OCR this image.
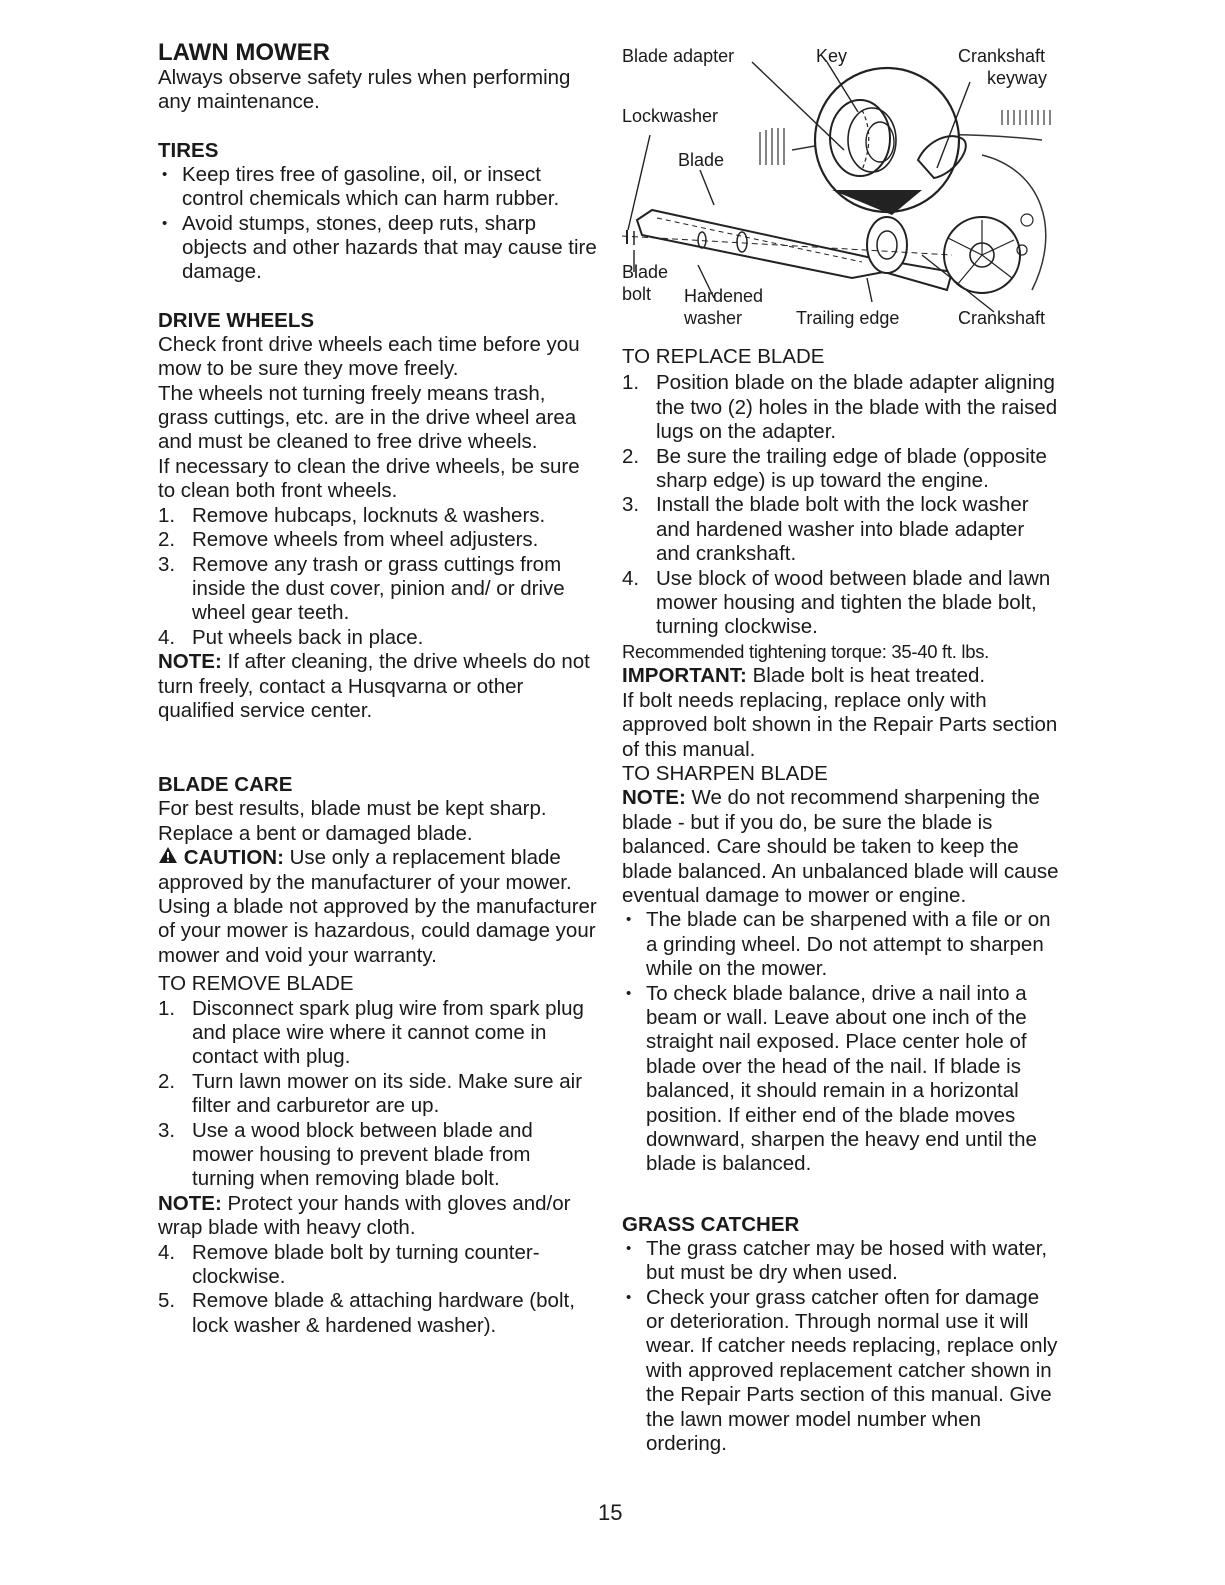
LAWN MOWER

Always observe safety rules when performing any maintenance.

TIRES
• Keep tires free of gasoline, oil, or insect control chemicals which can harm rubber.
• Avoid stumps, stones, deep ruts, sharp objects and other hazards that may cause tire damage.
DRIVE WHEELS

Check front drive wheels each time before you mow to be sure they move freely.

The wheels not turning freely means trash, grass cuttings, etc. are in the drive wheel area and must be cleaned to free drive wheels.

If necessary to clean the drive wheels, be sure to clean both front wheels.

1. Remove hubcaps, locknuts & washers.
2. Remove wheels from wheel adjusters.
3. Remove any trash or grass cuttings from inside the dust cover, pinion and/ or drive wheel gear teeth.
4. Put wheels back in place.

NOTE: If after cleaning, the drive wheels do not turn freely, contact a Husqvarna or other qualified service center.

BLADE CARE

For best results, blade must be kept sharp. Replace a bent or damaged blade.

CAUTION: Use only a replacement blade approved by the manufacturer of your mower. Using a blade not approved by the manufacturer of your mower is hazardous, could damage your mower and void your warranty.

TO REMOVE BLADE

1. Disconnect spark plug wire from spark plug and place wire where it cannot come in contact with plug.
2. Turn lawn mower on its side. Make sure air filter and carburetor are up.
3. Use a wood block between blade and mower housing to prevent blade from turning when removing blade bolt.

NOTE: Protect your hands with gloves and/or wrap blade with heavy cloth.

4. Remove blade bolt by turning counter-clockwise.
5. Remove blade & attaching hardware (bolt, lock washer & hardened washer).
Blade adapter	Key	Crankshaft
keyway
Lockwasher
Blade
Blade
bolt Hardened
washer	Trailing edge	Crankshaft

TO REPLACE BLADE

1. Position blade on the blade adapter aligning the two (2) holes in the blade with the raised lugs on the adapter.
2. Be sure the trailing edge of blade (opposite sharp edge) is up toward the engine.
3. Install the blade bolt with the lock washer and hardened washer into blade adapter and crankshaft.
4. Use block of wood between blade and lawn mower housing and tighten the blade bolt, turning clockwise.

Recommended tightening torque: 35-40 ft. lbs.

IMPORTANT: Blade bolt is heat treated.

If bolt needs replacing, replace only with approved bolt shown in the Repair Parts section of this manual.

TO SHARPEN BLADE

NOTE: We do not recommend sharpening the blade - but if you do, be sure the blade is balanced. Care should be taken to keep the blade balanced. An unbalanced blade will cause eventual damage to mower or engine.

• The blade can be sharpened with a file or on a grinding wheel. Do not attempt to sharpen while on the mower.
• To check blade balance, drive a nail into a beam or wall. Leave about one inch of the straight nail exposed. Place center hole of blade over the head of the nail. If blade is balanced, it should remain in a horizontal position. If either end of the blade moves downward, sharpen the heavy end until the blade is balanced.
GRASS CATCHER
• The grass catcher may be hosed with water, but must be dry when used.
• Check your grass catcher often for damage or deterioration. Through normal use it will wear. If catcher needs replacing, replace only with approved replacement catcher shown in the Repair Parts section of this manual. Give the lawn mower model number when ordering.
15
